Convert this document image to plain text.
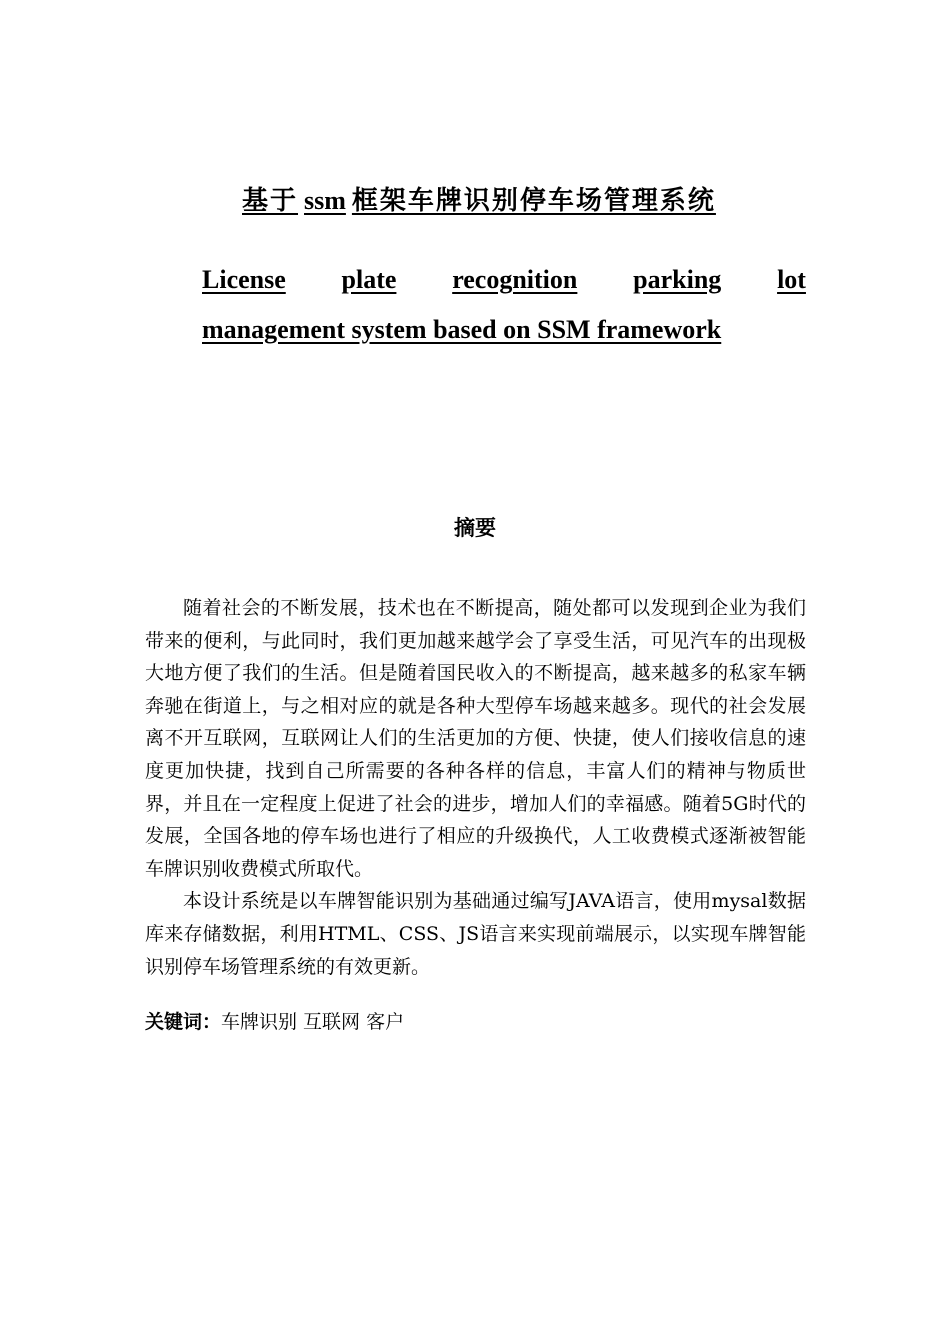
基于 ssm 框架车牌识别停车场管理系统
License plate recognition parking lot
management system based on SSM framework
摘要

随着社会的不断发展，技术也在不断提高，随处都可以发现到企业为我们带来的便利，与此同时，我们更加越来越学会了享受生活，可见汽车的出现极大地方便了我们的生活。但是随着国民收入的不断提高，越来越多的私家车辆奔驰在街道上，与之相对应的就是各种大型停车场越来越多。现代的社会发展离不开互联网，互联网让人们的生活更加的方便、快捷，使人们接收信息的速度更加快捷，找到自己所需要的各种各样的信息，丰富人们的精神与物质世界，并且在一定程度上促进了社会的进步，增加人们的幸福感。随着5G时代的发展，全国各地的停车场也进行了相应的升级换代，人工收费模式逐渐被智能车牌识别收费模式所取代。

本设计系统是以车牌智能识别为基础通过编写JAVA语言，使用mysal数据库来存储数据，利用HTML、CSS、JS语言来实现前端展示，以实现车牌智能识别停车场管理系统的有效更新。

关键词：车牌识别 互联网 客户
